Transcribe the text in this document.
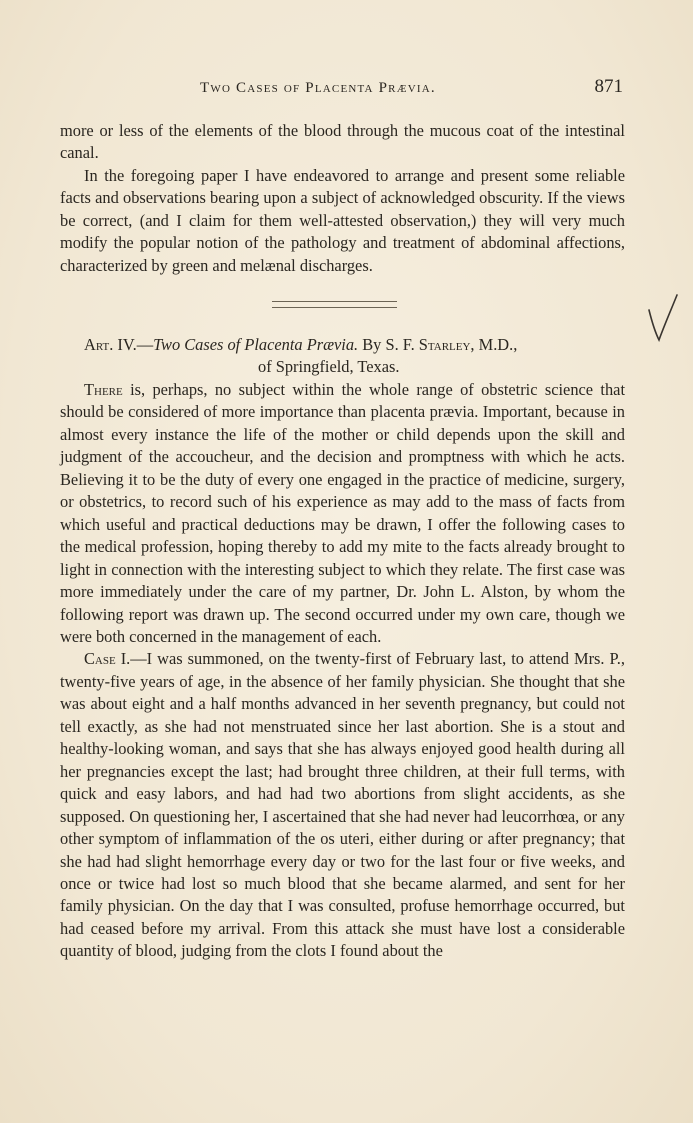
Two Cases of Placenta Prævia.	871

more or less of the elements of the blood through the mucous coat of the intestinal canal.

In the foregoing paper I have endeavored to arrange and present some reliable facts and observations bearing upon a subject of acknowledged obscurity. If the views be correct, (and I claim for them well-attested observation,) they will very much modify the popular notion of the pathology and treatment of abdominal affections, characterized by green and melænal discharges.

Art. IV.—Two Cases of Placenta Prævia. By S. F. Starley, M.D.,
of Springfield, Texas.

There is, perhaps, no subject within the whole range of obstetric science that should be considered of more importance than placenta prævia. Important, because in almost every instance the life of the mother or child depends upon the skill and judgment of the accoucheur, and the decision and promptness with which he acts. Believing it to be the duty of every one engaged in the practice of medicine, surgery, or obstetrics, to record such of his experience as may add to the mass of facts from which useful and practical deductions may be drawn, I offer the following cases to the medical profession, hoping thereby to add my mite to the facts already brought to light in connection with the interesting subject to which they relate. The first case was more immediately under the care of my partner, Dr. John L. Alston, by whom the following report was drawn up. The second occurred under my own care, though we were both concerned in the management of each.

Case I.—I was summoned, on the twenty-first of February last, to attend Mrs. P., twenty-five years of age, in the absence of her family physician. She thought that she was about eight and a half months advanced in her seventh pregnancy, but could not tell exactly, as she had not menstruated since her last abortion. She is a stout and healthy-looking woman, and says that she has always enjoyed good health during all her pregnancies except the last; had brought three children, at their full terms, with quick and easy labors, and had had two abortions from slight accidents, as she supposed. On questioning her, I ascertained that she had never had leucorrhœa, or any other symptom of inflammation of the os uteri, either during or after pregnancy; that she had had slight hemorrhage every day or two for the last four or five weeks, and once or twice had lost so much blood that she became alarmed, and sent for her family physician. On the day that I was consulted, profuse hemorrhage occurred, but had ceased before my arrival. From this attack she must have lost a considerable quantity of blood, judging from the clots I found about the
